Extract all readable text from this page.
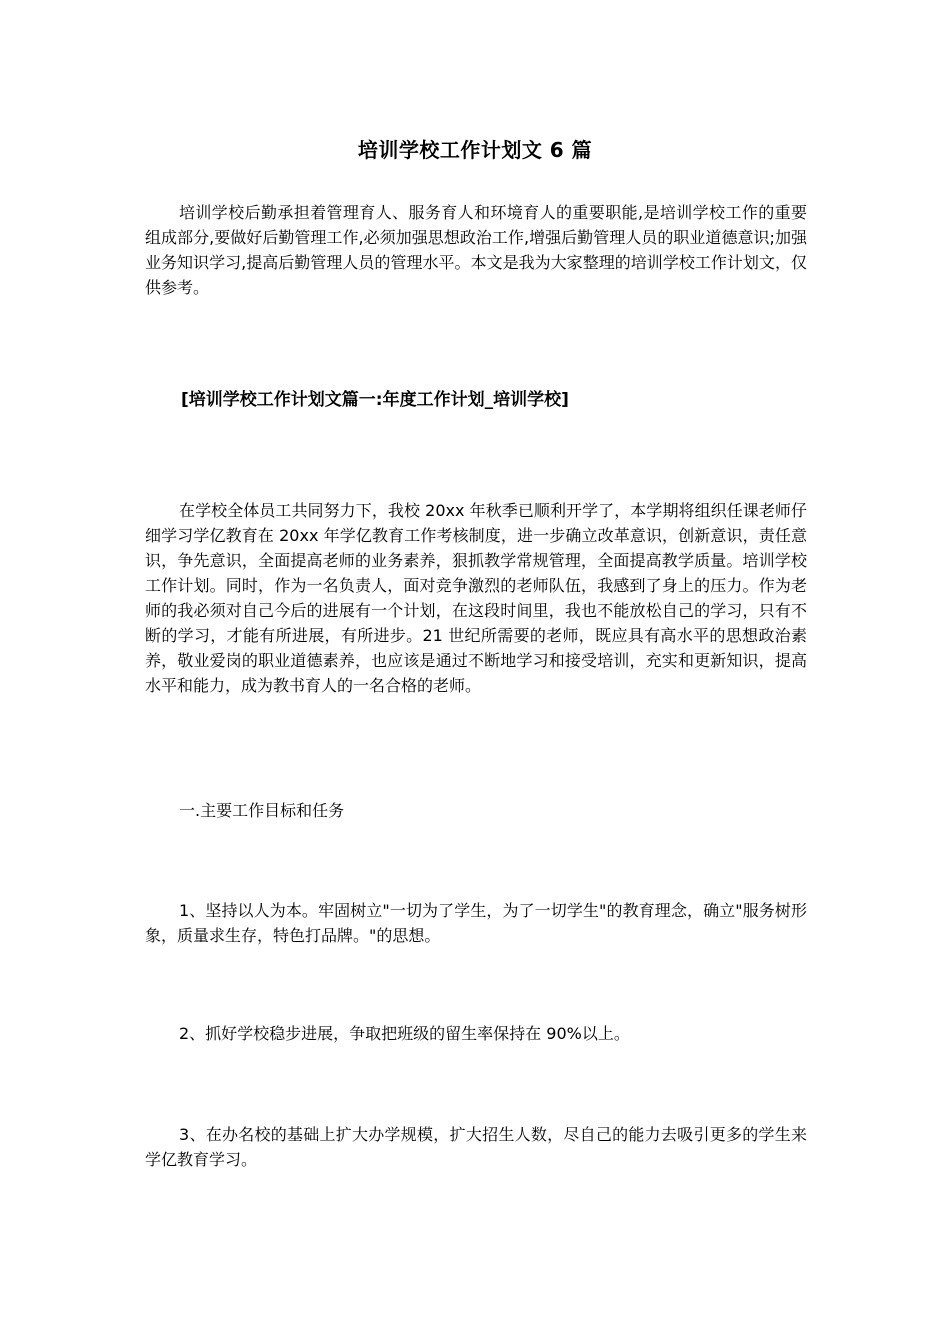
培训学校工作计划文 6 篇

培训学校后勤承担着管理育人、服务育人和环境育人的重要职能,是培训学校工作的重要组成部分,要做好后勤管理工作,必须加强思想政治工作,增强后勤管理人员的职业道德意识;加强业务知识学习,提高后勤管理人员的管理水平。本文是我为大家整理的培训学校工作计划文，仅供参考。

[培训学校工作计划文篇一:年度工作计划_培训学校]

在学校全体员工共同努力下，我校 20xx 年秋季已顺利开学了，本学期将组织任课老师仔细学习学亿教育在 20xx 年学亿教育工作考核制度，进一步确立改革意识，创新意识，责任意识，争先意识，全面提高老师的业务素养，狠抓教学常规管理，全面提高教学质量。培训学校工作计划。同时，作为一名负责人，面对竞争激烈的老师队伍，我感到了身上的压力。作为老师的我必须对自己今后的进展有一个计划，在这段时间里，我也不能放松自己的学习，只有不断的学习，才能有所进展，有所进步。21 世纪所需要的老师，既应具有高水平的思想政治素养，敬业爱岗的职业道德素养，也应该是通过不断地学习和接受培训，充实和更新知识，提高水平和能力，成为教书育人的一名合格的老师。

一.主要工作目标和任务

1、坚持以人为本。牢固树立"一切为了学生，为了一切学生"的教育理念，确立"服务树形象，质量求生存，特色打品牌。"的思想。

2、抓好学校稳步进展，争取把班级的留生率保持在 90%以上。

3、在办名校的基础上扩大办学规模，扩大招生人数，尽自己的能力去吸引更多的学生来学亿教育学习。
